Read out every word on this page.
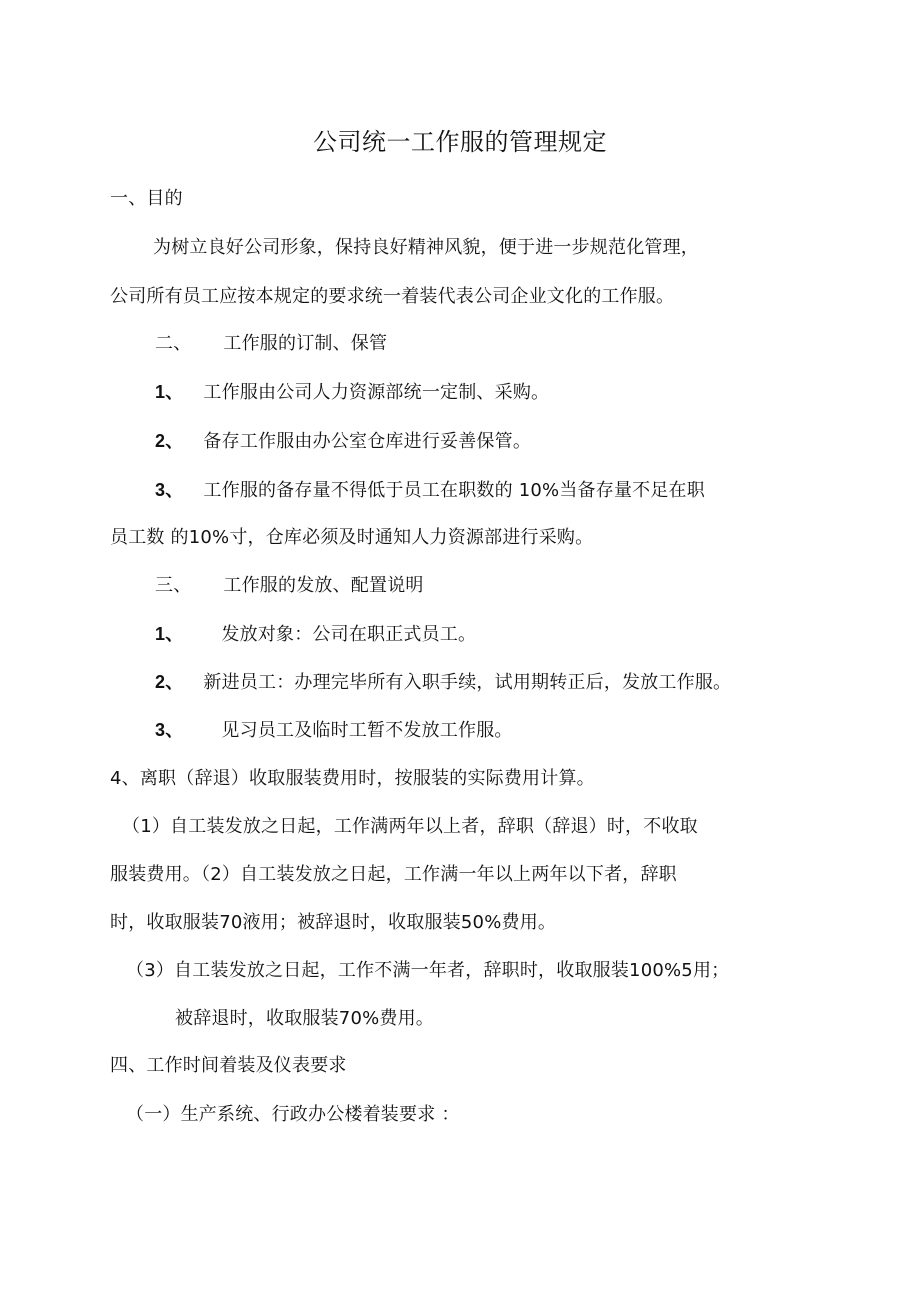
公司统一工作服的管理规定
一、目的
为树立良好公司形象，保持良好精神风貌，便于进一步规范化管理，
公司所有员工应按本规定的要求统一着装代表公司企业文化的工作服。
二、 工作服的订制、保管
1、 工作服由公司人力资源部统一定制、采购。
2、 备存工作服由办公室仓库进行妥善保管。
3、 工作服的备存量不得低于员工在职数的 10%当备存量不足在职
员工数 的10%寸，仓库必须及时通知人力资源部进行采购。
三、 工作服的发放、配置说明
1、 发放对象：公司在职正式员工。
2、 新进员工：办理完毕所有入职手续，试用期转正后，发放工作服。
3、 见习员工及临时工暂不发放工作服。
4、离职（辞退）收取服装费用时，按服装的实际费用计算。
（1）自工装发放之日起，工作满两年以上者，辞职（辞退）时，不收取
服装费用。（2）自工装发放之日起，工作满一年以上两年以下者，辞职
时，收取服装70液用；被辞退时，收取服装50%费用。
（3）自工装发放之日起，工作不满一年者，辞职时，收取服装100%5用；
被辞退时，收取服装70%费用。
四、工作时间着装及仪表要求
（一）生产系统、行政办公楼着装要求 ：
